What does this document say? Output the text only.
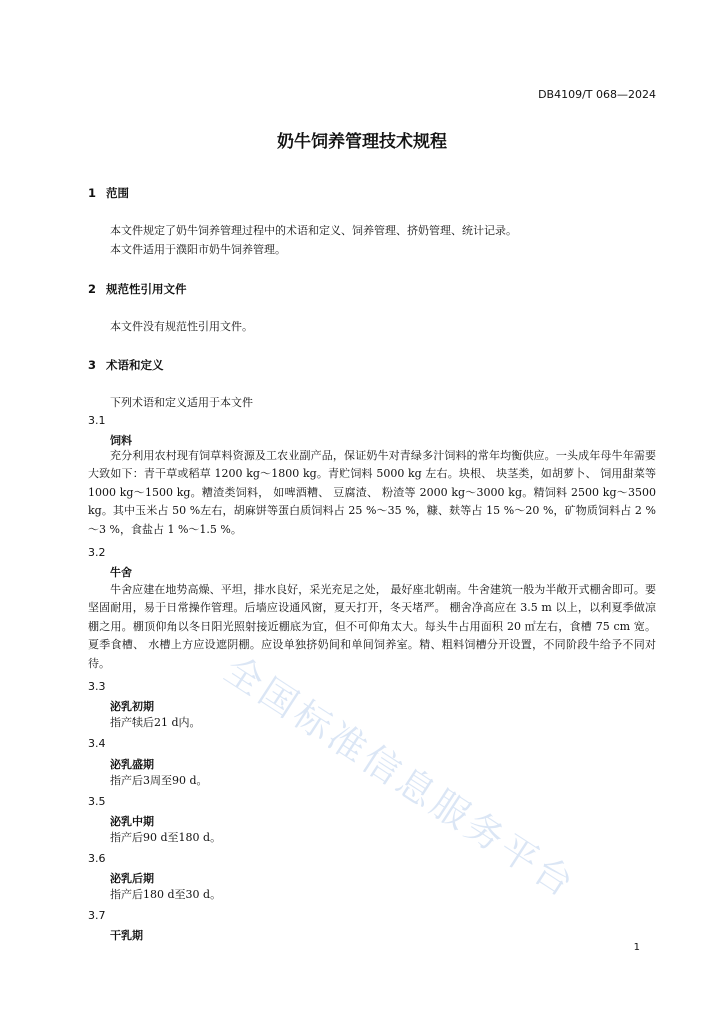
DB4109/T 068—2024
奶牛饲养管理技术规程
1 范围
本文件规定了奶牛饲养管理过程中的术语和定义、饲养管理、挤奶管理、统计记录。
本文件适用于濮阳市奶牛饲养管理。
2 规范性引用文件
本文件没有规范性引用文件。
3 术语和定义
下列术语和定义适用于本文件
3.1
饲料
充分利用农村现有饲草料资源及工农业副产品，保证奶牛对青绿多汁饲料的常年均衡供应。一头成年母牛年需要大致如下：青干草或稻草 1200 kg～1800 kg。青贮饲料 5000 kg 左右。块根、 块茎类，如胡萝卜、 饲用甜菜等 1000 kg～1500 kg。糟渣类饲料， 如啤酒糟、 豆腐渣、 粉渣等 2000 kg～3000 kg。精饲料 2500 kg～3500 kg。其中玉米占 50 %左右，胡麻饼等蛋白质饲料占 25 %～35 %，糠、麸等占 15 %～20 %，矿物质饲料占 2 %～3 %，食盐占 1 %～1.5 %。
3.2
牛舍
牛舍应建在地势高燥、平坦，排水良好，采光充足之处， 最好座北朝南。牛舍建筑一般为半敞开式棚舍即可。要坚固耐用，易于日常操作管理。后墙应设通风窗，夏天打开，冬天堵严。 棚舍净高应在 3.5 m 以上，以利夏季做凉棚之用。棚顶仰角以冬日阳光照射接近棚底为宜，但不可仰角太大。每头牛占用面积 20 ㎡左右，食槽 75 cm 宽。夏季食槽、 水槽上方应设遮阴棚。应设单独挤奶间和单间饲养室。精、粗料饲槽分开设置，不同阶段牛给予不同对待。
3.3
泌乳初期
指产犊后21 d内。
3.4
泌乳盛期
指产后3周至90 d。
3.5
泌乳中期
指产后90 d至180 d。
3.6
泌乳后期
指产后180 d至30 d。
3.7
干乳期
1
全国标准信息服务平台
